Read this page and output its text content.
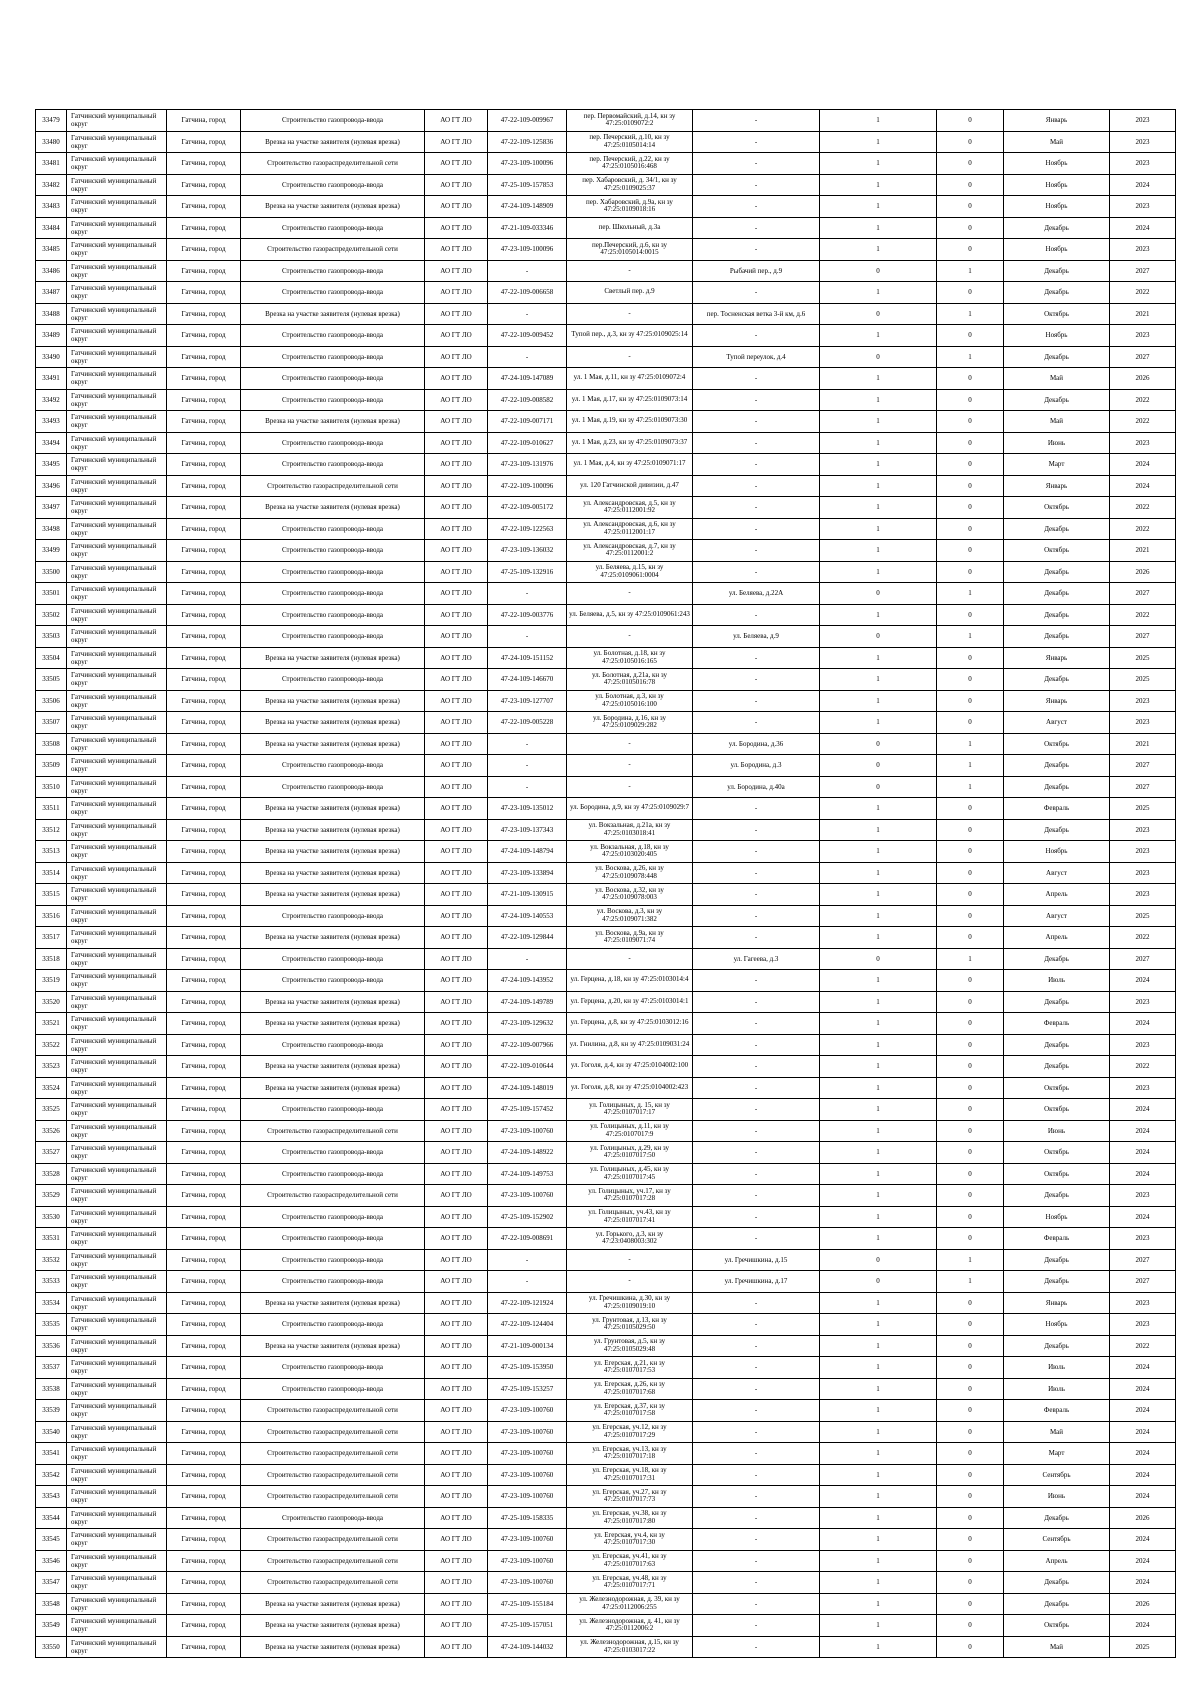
33479	Гатчинский муниципальный округ	Гатчина, город	Строительство газопровода-ввода	АО ГТ ЛО	47-22-109-009967	пер. Первомайский, д.14, кн зу 47:25:0109072:2	-	1	0	Январь	2023
33480	Гатчинский муниципальный округ	Гатчина, город	Врезка на участке заявителя (нулевая врезка)	АО ГТ ЛО	47-22-109-125836	пер. Печерский, д.10, кн зу 47:25:0105014:14	-	1	0	Май	2023
33481	Гатчинский муниципальный округ	Гатчина, город	Строительство газораспределительной сети	АО ГТ ЛО	47-23-109-100096	пер. Печерский, д.22, кн зу 47:25:0105016:468	-	1	0	Ноябрь	2023
33482	Гатчинский муниципальный округ	Гатчина, город	Строительство газопровода-ввода	АО ГТ ЛО	47-25-109-157853	пер. Хабаровский, д. 34/1, кн зу 47:25:0109025:37	-	1	0	Ноябрь	2024
33483	Гатчинский муниципальный округ	Гатчина, город	Врезка на участке заявителя (нулевая врезка)	АО ГТ ЛО	47-24-109-148909	пер. Хабаровский, д.9а, кн зу 47:25:0109018:16	-	1	0	Ноябрь	2023
33484	Гатчинский муниципальный округ	Гатчина, город	Строительство газопровода-ввода	АО ГТ ЛО	47-21-109-033346	пер. Школьный, д.3а	-	1	0	Декабрь	2024
33485	Гатчинский муниципальный округ	Гатчина, город	Строительство газораспределительной сети	АО ГТ ЛО	47-23-109-100096	пер.Печерский, д.6, кн зу 47:25:0105014:0015	-	1	0	Ноябрь	2023
33486	Гатчинский муниципальный округ	Гатчина, город	Строительство газопровода-ввода	АО ГТ ЛО	-	-	Рыбачий пер., д.9	0	1	Декабрь	2027
33487	Гатчинский муниципальный округ	Гатчина, город	Строительство газопровода-ввода	АО ГТ ЛО	47-22-109-006658	Светлый пер. д.9	-	1	0	Декабрь	2022
33488	Гатчинский муниципальный округ	Гатчина, город	Врезка на участке заявителя (нулевая врезка)	АО ГТ ЛО	-	-	пер. Тосненская ветка 3-й км, д.6	0	1	Октябрь	2021
33489	Гатчинский муниципальный округ	Гатчина, город	Строительство газопровода-ввода	АО ГТ ЛО	47-22-109-009452	Тупой пер., д.3, кн зу 47:25:0109025:14	-	1	0	Ноябрь	2023
33490	Гатчинский муниципальный округ	Гатчина, город	Строительство газопровода-ввода	АО ГТ ЛО	-	-	Тупой переулок, д.4	0	1	Декабрь	2027
33491	Гатчинский муниципальный округ	Гатчина, город	Строительство газопровода-ввода	АО ГТ ЛО	47-24-109-147089	ул. 1 Мая, д.11, кн зу 47:25:0109072:4	-	1	0	Май	2026
33492	Гатчинский муниципальный округ	Гатчина, город	Строительство газопровода-ввода	АО ГТ ЛО	47-22-109-008582	ул. 1 Мая, д.17, кн зу 47:25:0109073:14	-	1	0	Декабрь	2022
33493	Гатчинский муниципальный округ	Гатчина, город	Врезка на участке заявителя (нулевая врезка)	АО ГТ ЛО	47-22-109-007171	ул. 1 Мая, д.19, кн зу 47:25:0109073:30	-	1	0	Май	2022
33494	Гатчинский муниципальный округ	Гатчина, город	Строительство газопровода-ввода	АО ГТ ЛО	47-22-109-010627	ул. 1 Мая, д.23, кн зу 47:25:0109073:37	-	1	0	Июнь	2023
33495	Гатчинский муниципальный округ	Гатчина, город	Строительство газопровода-ввода	АО ГТ ЛО	47-23-109-131976	ул. 1 Мая, д.4, кн зу 47:25:0109071:17	-	1	0	Март	2024
33496	Гатчинский муниципальный округ	Гатчина, город	Строительство газораспределительной сети	АО ГТ ЛО	47-22-109-100096	ул. 120 Гатчинской дивизии, д.47	-	1	0	Январь	2024
33497	Гатчинский муниципальный округ	Гатчина, город	Врезка на участке заявителя (нулевая врезка)	АО ГТ ЛО	47-22-109-005172	ул. Александровская, д.5, кн зу 47:25:0112001:92	-	1	0	Октябрь	2022
33498	Гатчинский муниципальный округ	Гатчина, город	Строительство газопровода-ввода	АО ГТ ЛО	47-22-109-122563	ул. Александровская, д.6, кн зу 47:25:0112001:17	-	1	0	Декабрь	2022
33499	Гатчинский муниципальный округ	Гатчина, город	Строительство газопровода-ввода	АО ГТ ЛО	47-23-109-136032	ул. Александровская, д.7, кн зу 47:25:0112001:2	-	1	0	Октябрь	2021
33500	Гатчинский муниципальный округ	Гатчина, город	Строительство газопровода-ввода	АО ГТ ЛО	47-25-109-132916	ул. Беляева, д.15, кн зу 47:25:0109061:0004	-	1	0	Декабрь	2026
33501	Гатчинский муниципальный округ	Гатчина, город	Строительство газопровода-ввода	АО ГТ ЛО	-	-	ул. Беляева, д.22А	0	1	Декабрь	2027
33502	Гатчинский муниципальный округ	Гатчина, город	Строительство газопровода-ввода	АО ГТ ЛО	47-22-109-003776	ул. Беляева, д.5, кн зу 47:25:0109061:243	-	1	0	Декабрь	2022
33503	Гатчинский муниципальный округ	Гатчина, город	Строительство газопровода-ввода	АО ГТ ЛО	-	-	ул. Беляева, д.9	0	1	Декабрь	2027
33504	Гатчинский муниципальный округ	Гатчина, город	Врезка на участке заявителя (нулевая врезка)	АО ГТ ЛО	47-24-109-151152	ул. Болотная, д.18, кн зу 47:25:0105016:165	-	1	0	Январь	2025
33505	Гатчинский муниципальный округ	Гатчина, город	Строительство газопровода-ввода	АО ГТ ЛО	47-24-109-146670	ул. Болотная, д.21а, кн зу 47:25:0105016:78	-	1	0	Декабрь	2025
33506	Гатчинский муниципальный округ	Гатчина, город	Врезка на участке заявителя (нулевая врезка)	АО ГТ ЛО	47-23-109-127707	ул. Болотная, д.3, кн зу 47:25:0105016:100	-	1	0	Январь	2023
33507	Гатчинский муниципальный округ	Гатчина, город	Врезка на участке заявителя (нулевая врезка)	АО ГТ ЛО	47-22-109-005228	ул. Бородина, д.16, кн зу 47:25:0109029:282	-	1	0	Август	2023
33508	Гатчинский муниципальный округ	Гатчина, город	Врезка на участке заявителя (нулевая врезка)	АО ГТ ЛО	-	-	ул. Бородина, д.36	0	1	Октябрь	2021
33509	Гатчинский муниципальный округ	Гатчина, город	Строительство газопровода-ввода	АО ГТ ЛО	-	-	ул. Бородина, д.3	0	1	Декабрь	2027
33510	Гатчинский муниципальный округ	Гатчина, город	Строительство газопровода-ввода	АО ГТ ЛО	-	-	ул. Бородина, д.40а	0	1	Декабрь	2027
33511	Гатчинский муниципальный округ	Гатчина, город	Врезка на участке заявителя (нулевая врезка)	АО ГТ ЛО	47-23-109-135012	ул. Бородина, д.9, кн зу 47:25:0109029:7	-	1	0	Февраль	2025
33512	Гатчинский муниципальный округ	Гатчина, город	Врезка на участке заявителя (нулевая врезка)	АО ГТ ЛО	47-23-109-137343	ул. Вокзальная, д.21а, кн зу 47:25:0103018:41	-	1	0	Декабрь	2023
33513	Гатчинский муниципальный округ	Гатчина, город	Врезка на участке заявителя (нулевая врезка)	АО ГТ ЛО	47-24-109-148794	ул. Вокзальная, д.18, кн зу 47:25:0103020:405	-	1	0	Ноябрь	2023
33514	Гатчинский муниципальный округ	Гатчина, город	Врезка на участке заявителя (нулевая врезка)	АО ГТ ЛО	47-23-109-133894	ул. Воскова, д.26, кн зу 47:25:0109078:448	-	1	0	Август	2023
33515	Гатчинский муниципальный округ	Гатчина, город	Врезка на участке заявителя (нулевая врезка)	АО ГТ ЛО	47-21-109-130915	ул. Воскова, д.32, кн зу 47:25:0109078:003	-	1	0	Апрель	2023
33516	Гатчинский муниципальный округ	Гатчина, город	Строительство газопровода-ввода	АО ГТ ЛО	47-24-109-140553	ул. Воскова, д.3, кн зу 47:25:0109071:382	-	1	0	Август	2025
33517	Гатчинский муниципальный округ	Гатчина, город	Врезка на участке заявителя (нулевая врезка)	АО ГТ ЛО	47-22-109-129844	ул. Воскова, д.9а, кн зу 47:25:0109071:74	-	1	0	Апрель	2022
33518	Гатчинский муниципальный округ	Гатчина, город	Строительство газопровода-ввода	АО ГТ ЛО	-	-	ул. Гагеева, д.3	0	1	Декабрь	2027
33519	Гатчинский муниципальный округ	Гатчина, город	Строительство газопровода-ввода	АО ГТ ЛО	47-24-109-143952	ул. Герцена, д.18, кн зу 47:25:0103014:4	-	1	0	Июль	2024
33520	Гатчинский муниципальный округ	Гатчина, город	Врезка на участке заявителя (нулевая врезка)	АО ГТ ЛО	47-24-109-149789	ул. Герцена, д.20, кн зу 47:25:0103014:1	-	1	0	Декабрь	2023
33521	Гатчинский муниципальный округ	Гатчина, город	Врезка на участке заявителя (нулевая врезка)	АО ГТ ЛО	47-23-109-129632	ул. Герцена, д.8, кн зу 47:25:0103012:16	-	1	0	Февраль	2024
33522	Гатчинский муниципальный округ	Гатчина, город	Строительство газопровода-ввода	АО ГТ ЛО	47-22-109-007966	ул. Гнилина, д.8, кн зу 47:25:0109031:24	-	1	0	Декабрь	2023
33523	Гатчинский муниципальный округ	Гатчина, город	Врезка на участке заявителя (нулевая врезка)	АО ГТ ЛО	47-22-109-010644	ул. Гоголя, д.4, кн зу 47:25:0104002:100	-	1	0	Декабрь	2022
33524	Гатчинский муниципальный округ	Гатчина, город	Врезка на участке заявителя (нулевая врезка)	АО ГТ ЛО	47-24-109-148019	ул. Гоголя, д.8, кн зу 47:25:0104002:423	-	1	0	Октябрь	2023
33525	Гатчинский муниципальный округ	Гатчина, город	Строительство газопровода-ввода	АО ГТ ЛО	47-25-109-157452	ул. Голицыных, д. 15, кн зу 47:25:0107017:17	-	1	0	Октябрь	2024
33526	Гатчинский муниципальный округ	Гатчина, город	Строительство газораспределительной сети	АО ГТ ЛО	47-23-109-100760	ул. Голицыных, д.11, кн зу 47:25:0107017:9	-	1	0	Июнь	2024
33527	Гатчинский муниципальный округ	Гатчина, город	Строительство газопровода-ввода	АО ГТ ЛО	47-24-109-148922	ул. Голицыных, д.29, кн зу 47:25:0107017:50	-	1	0	Октябрь	2024
33528	Гатчинский муниципальный округ	Гатчина, город	Строительство газопровода-ввода	АО ГТ ЛО	47-24-109-149753	ул. Голицыных, д.45, кн зу 47:25:0107017:45	-	1	0	Октябрь	2024
33529	Гатчинский муниципальный округ	Гатчина, город	Строительство газораспределительной сети	АО ГТ ЛО	47-23-109-100760	ул. Голицыных, уч.17, кн зу 47:25:0107017:28	-	1	0	Декабрь	2023
33530	Гатчинский муниципальный округ	Гатчина, город	Строительство газопровода-ввода	АО ГТ ЛО	47-25-109-152902	ул. Голицыных, уч.43, кн зу 47:25:0107017:41	-	1	0	Ноябрь	2024
33531	Гатчинский муниципальный округ	Гатчина, город	Строительство газопровода-ввода	АО ГТ ЛО	47-22-109-008691	ул. Горького, д.3, кн зу 47:23:0408003:302	-	1	0	Февраль	2023
33532	Гатчинский муниципальный округ	Гатчина, город	Строительство газопровода-ввода	АО ГТ ЛО	-	-	ул. Гречишкина, д.15	0	1	Декабрь	2027
33533	Гатчинский муниципальный округ	Гатчина, город	Строительство газопровода-ввода	АО ГТ ЛО	-	-	ул. Гречишкина, д.17	0	1	Декабрь	2027
33534	Гатчинский муниципальный округ	Гатчина, город	Врезка на участке заявителя (нулевая врезка)	АО ГТ ЛО	47-22-109-121924	ул. Гречишкина, д.30, кн зу 47:25:0109019:10	-	1	0	Январь	2023
33535	Гатчинский муниципальный округ	Гатчина, город	Строительство газопровода-ввода	АО ГТ ЛО	47-22-109-124404	ул. Грунтовая, д.13, кн зу 47:25:0105029:50	-	1	0	Ноябрь	2023
33536	Гатчинский муниципальный округ	Гатчина, город	Врезка на участке заявителя (нулевая врезка)	АО ГТ ЛО	47-21-109-000134	ул. Грунтовая, д.5, кн зу 47:25:0105029:48	-	1	0	Декабрь	2022
33537	Гатчинский муниципальный округ	Гатчина, город	Строительство газопровода-ввода	АО ГТ ЛО	47-25-109-153950	ул. Егерская, д.21, кн зу 47:25:0107017:53	-	1	0	Июль	2024
33538	Гатчинский муниципальный округ	Гатчина, город	Строительство газопровода-ввода	АО ГТ ЛО	47-25-109-153257	ул. Егерская, д.26, кн зу 47:25:0107017:68	-	1	0	Июль	2024
33539	Гатчинский муниципальный округ	Гатчина, город	Строительство газораспределительной сети	АО ГТ ЛО	47-23-109-100760	ул. Егерская, д.37, кн зу 47:25:0107017:58	-	1	0	Февраль	2024
33540	Гатчинский муниципальный округ	Гатчина, город	Строительство газораспределительной сети	АО ГТ ЛО	47-23-109-100760	ул. Егерская, уч.12, кн зу 47:25:0107017:29	-	1	0	Май	2024
33541	Гатчинский муниципальный округ	Гатчина, город	Строительство газораспределительной сети	АО ГТ ЛО	47-23-109-100760	ул. Егерская, уч.13, кн зу 47:25:0107017:18	-	1	0	Март	2024
33542	Гатчинский муниципальный округ	Гатчина, город	Строительство газораспределительной сети	АО ГТ ЛО	47-23-109-100760	ул. Егерская, уч.18, кн зу 47:25:0107017:31	-	1	0	Сентябрь	2024
33543	Гатчинский муниципальный округ	Гатчина, город	Строительство газораспределительной сети	АО ГТ ЛО	47-23-109-100760	ул. Егерская, уч.27, кн зу 47:25:0107017:73	-	1	0	Июнь	2024
33544	Гатчинский муниципальный округ	Гатчина, город	Строительство газопровода-ввода	АО ГТ ЛО	47-25-109-158335	ул. Егерская, уч.38, кн зу 47:25:0107017:80	-	1	0	Декабрь	2026
33545	Гатчинский муниципальный округ	Гатчина, город	Строительство газораспределительной сети	АО ГТ ЛО	47-23-109-100760	ул. Егерская, уч.4, кн зу 47:25:0107017:30	-	1	0	Сентябрь	2024
33546	Гатчинский муниципальный округ	Гатчина, город	Строительство газораспределительной сети	АО ГТ ЛО	47-23-109-100760	ул. Егерская, уч.41, кн зу 47:25:0107017:63	-	1	0	Апрель	2024
33547	Гатчинский муниципальный округ	Гатчина, город	Строительство газораспределительной сети	АО ГТ ЛО	47-23-109-100760	ул. Егерская, уч.48, кн зу 47:25:0107017:71	-	1	0	Декабрь	2024
33548	Гатчинский муниципальный округ	Гатчина, город	Врезка на участке заявителя (нулевая врезка)	АО ГТ ЛО	47-25-109-155184	ул. Железнодорожная, д. 39, кн зу 47:25:0112006:255	-	1	0	Декабрь	2026
33549	Гатчинский муниципальный округ	Гатчина, город	Врезка на участке заявителя (нулевая врезка)	АО ГТ ЛО	47-25-109-157051	ул. Железнодорожная, д. 41, кн зу 47:25:0112006:2	-	1	0	Октябрь	2024
33550	Гатчинский муниципальный округ	Гатчина, город	Врезка на участке заявителя (нулевая врезка)	АО ГТ ЛО	47-24-109-144032	ул. Железнодорожная, д.15, кн зу 47:25:0103017:22	-	1	0	Май	2025
